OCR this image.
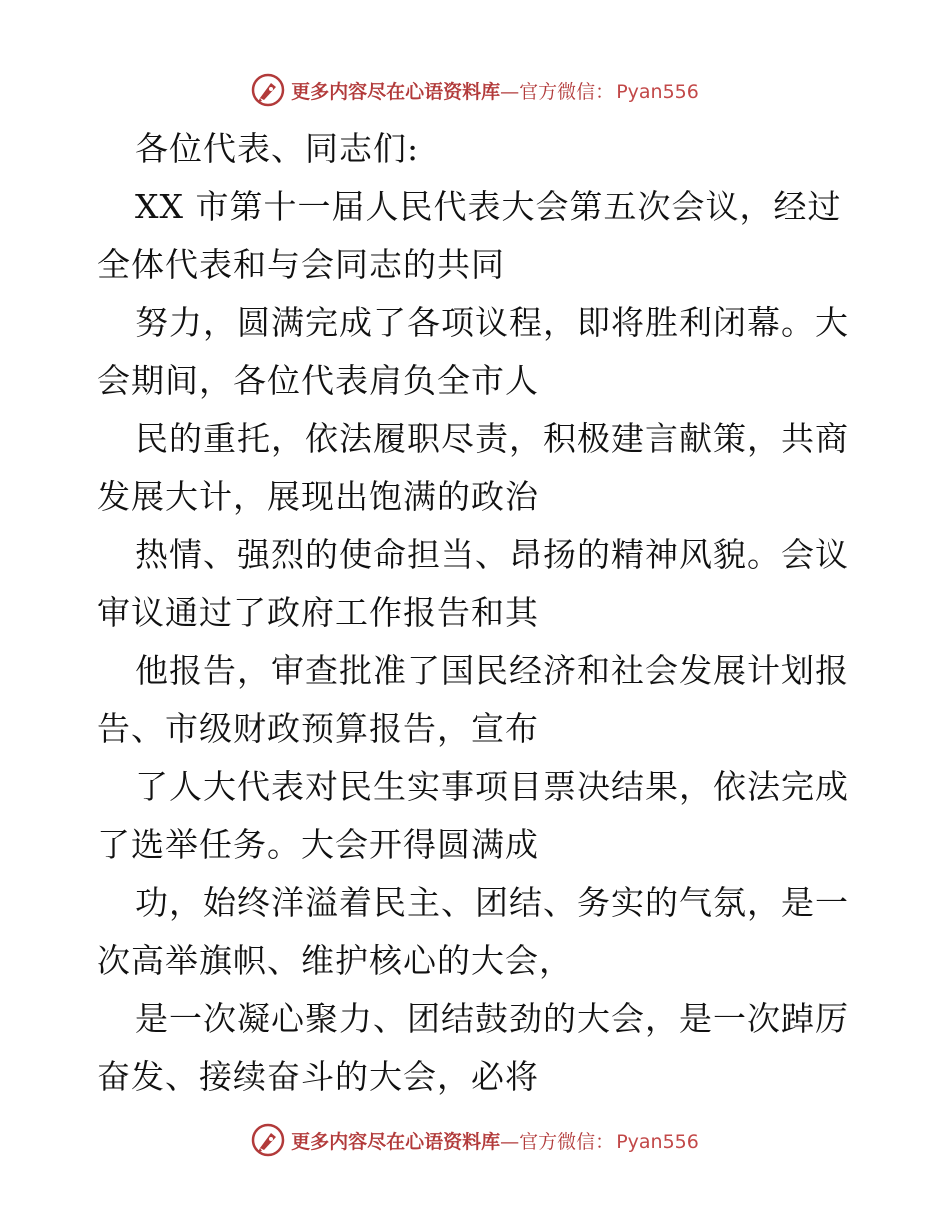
更多内容尽在心语资料库 —官方微信： Pyan556
各位代表、同志们:
XX 市第十一届人民代表大会第五次会议，经过
全体代表和与会同志的共同
努力，圆满完成了各项议程，即将胜利闭幕。大
会期间，各位代表肩负全市人
民的重托，依法履职尽责，积极建言献策，共商
发展大计，展现出饱满的政治
热情、强烈的使命担当、昂扬的精神风貌。会议
审议通过了政府工作报告和其
他报告，审查批准了国民经济和社会发展计划报
告、市级财政预算报告，宣布
了人大代表对民生实事项目票决结果，依法完成
了选举任务。大会开得圆满成
功，始终洋溢着民主、团结、务实的气氛，是一
次高举旗帜、维护核心的大会，
是一次凝心聚力、团结鼓劲的大会，是一次踔厉
奋发、接续奋斗的大会，必将
更多内容尽在心语资料库 —官方微信： Pyan556
